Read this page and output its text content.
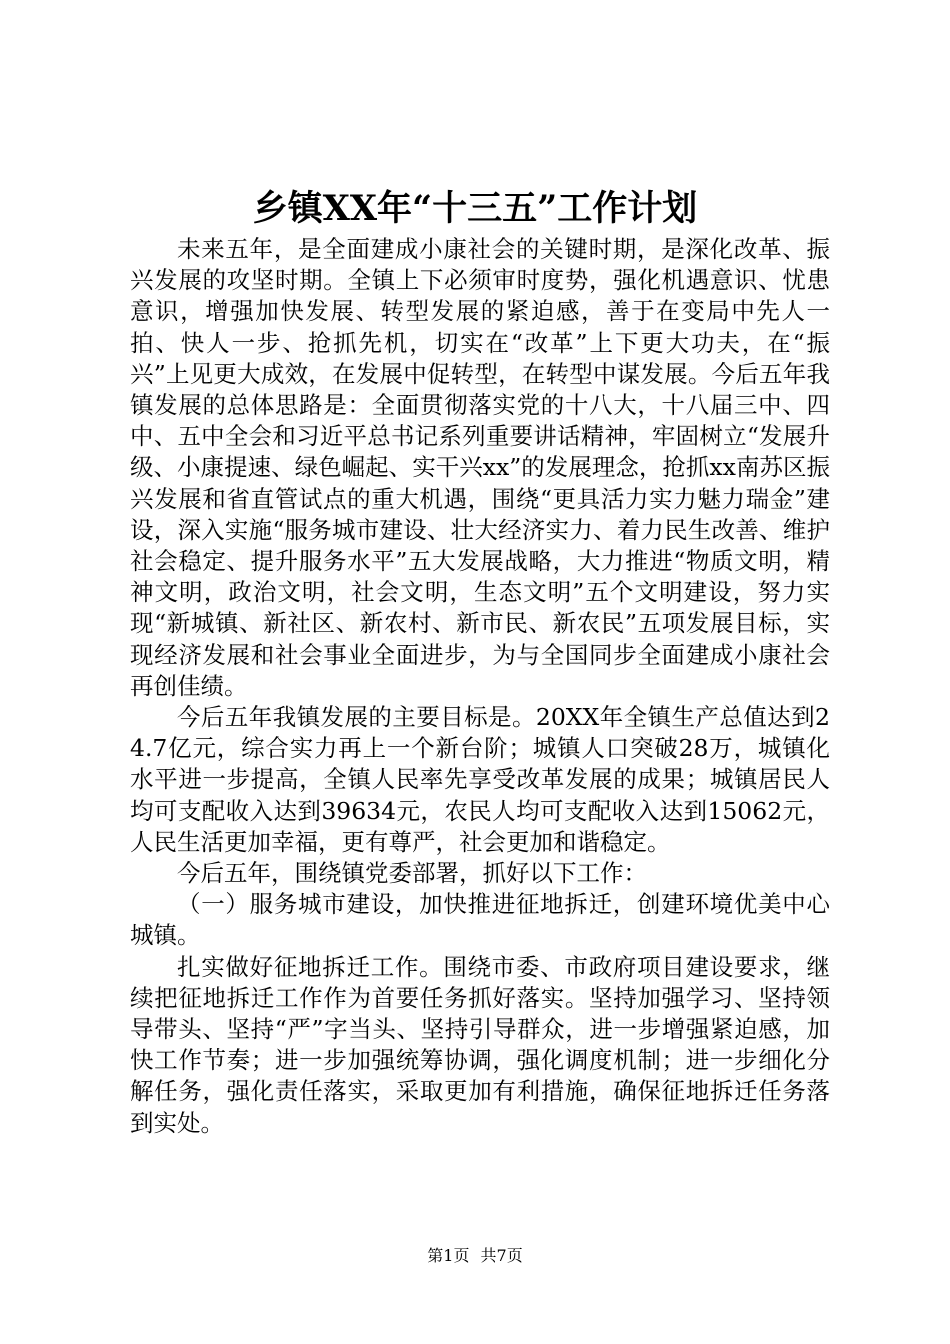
乡镇XX年“十三五”工作计划

未来五年，是全面建成小康社会的关键时期，是深化改革、振兴发展的攻坚时期。全镇上下必须审时度势，强化机遇意识、忧患意识，增强加快发展、转型发展的紧迫感，善于在变局中先人一拍、快人一步、抢抓先机，切实在“改革”上下更大功夫，在“振兴”上见更大成效，在发展中促转型，在转型中谋发展。今后五年我镇发展的总体思路是：全面贯彻落实党的十八大，十八届三中、四中、五中全会和习近平总书记系列重要讲话精神，牢固树立“发展升级、小康提速、绿色崛起、实干兴xx”的发展理念，抢抓xx南苏区振兴发展和省直管试点的重大机遇，围绕“更具活力实力魅力瑞金”建设，深入实施“服务城市建设、壮大经济实力、着力民生改善、维护社会稳定、提升服务水平”五大发展战略，大力推进“物质文明，精神文明，政治文明，社会文明，生态文明”五个文明建设，努力实现“新城镇、新社区、新农村、新市民、新农民”五项发展目标，实现经济发展和社会事业全面进步，为与全国同步全面建成小康社会再创佳绩。

今后五年我镇发展的主要目标是。20XX年全镇生产总值达到24.7亿元，综合实力再上一个新台阶；城镇人口突破28万，城镇化水平进一步提高，全镇人民率先享受改革发展的成果；城镇居民人均可支配收入达到39634元，农民人均可支配收入达到15062元，人民生活更加幸福，更有尊严，社会更加和谐稳定。

今后五年，围绕镇党委部署，抓好以下工作：

（一）服务城市建设，加快推进征地拆迁，创建环境优美中心城镇。

扎实做好征地拆迁工作。围绕市委、市政府项目建设要求，继续把征地拆迁工作作为首要任务抓好落实。坚持加强学习、坚持领导带头、坚持“严”字当头、坚持引导群众，进一步增强紧迫感，加快工作节奏；进一步加强统筹协调，强化调度机制；进一步细化分解任务，强化责任落实，采取更加有利措施，确保征地拆迁任务落到实处。

第1页 共7页
